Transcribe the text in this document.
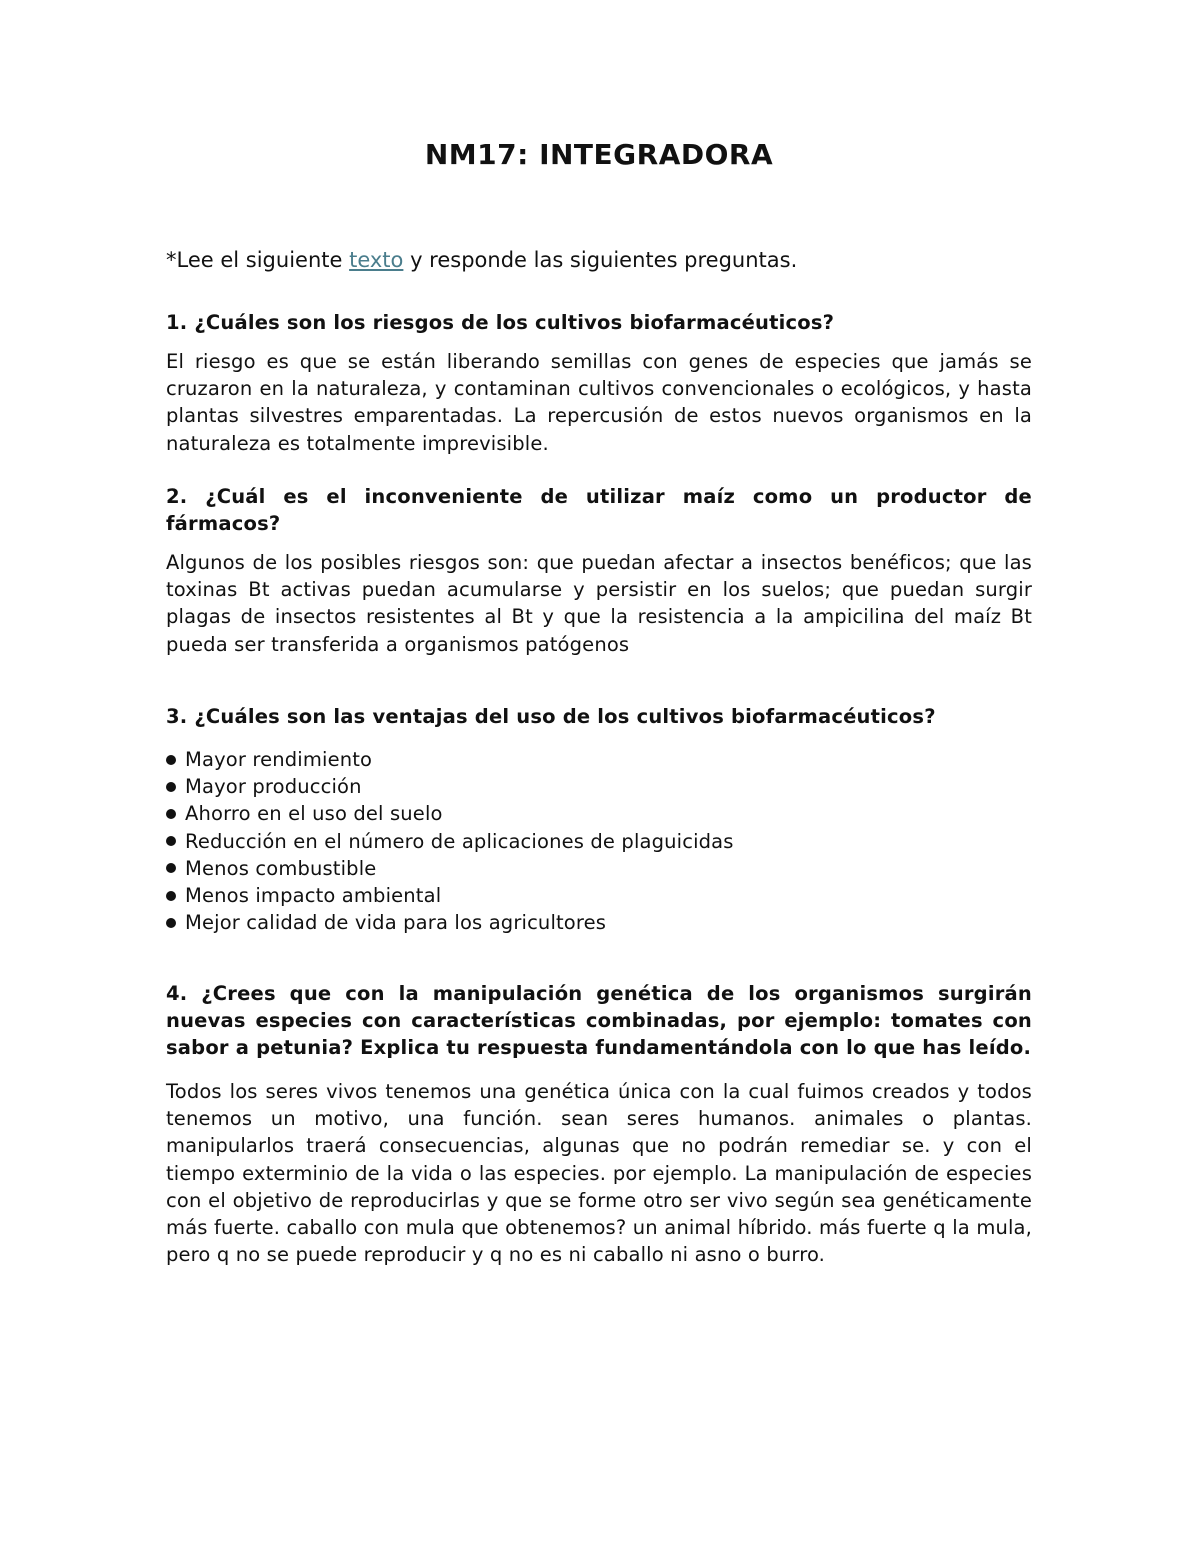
NM17: INTEGRADORA

*Lee el siguiente texto y responde las siguientes preguntas.

1. ¿Cuáles son los riesgos de los cultivos biofarmacéuticos?

El riesgo es que se están liberando semillas con genes de especies que jamás se cruzaron en la naturaleza, y contaminan cultivos convencionales o ecológicos, y hasta plantas silvestres emparentadas. La repercusión de estos nuevos organismos en la naturaleza es totalmente imprevisible.

2. ¿Cuál es el inconveniente de utilizar maíz como un productor de fármacos?

Algunos de los posibles riesgos son: que puedan afectar a insectos benéficos; que las toxinas Bt activas puedan acumularse y persistir en los suelos; que puedan surgir plagas de insectos resistentes al Bt y que la resistencia a la ampicilina del maíz Bt pueda ser transferida a organismos patógenos

3. ¿Cuáles son las ventajas del uso de los cultivos biofarmacéuticos?

Mayor rendimiento
Mayor producción
Ahorro en el uso del suelo
Reducción en el número de aplicaciones de plaguicidas
Menos combustible
Menos impacto ambiental
Mejor calidad de vida para los agricultores

4. ¿Crees que con la manipulación genética de los organismos surgirán nuevas especies con características combinadas, por ejemplo: tomates con sabor a petunia? Explica tu respuesta fundamentándola con lo que has leído.

Todos los seres vivos tenemos una genética única con la cual fuimos creados y todos tenemos un motivo, una función. sean seres humanos. animales o plantas. manipularlos traerá consecuencias, algunas que no podrán remediar se. y con el tiempo exterminio de la vida o las especies. por ejemplo. La manipulación de especies con el objetivo de reproducirlas y que se forme otro ser vivo según sea genéticamente más fuerte. caballo con mula que obtenemos? un animal híbrido. más fuerte q la mula, pero q no se puede reproducir y q no es ni caballo ni asno o burro.
